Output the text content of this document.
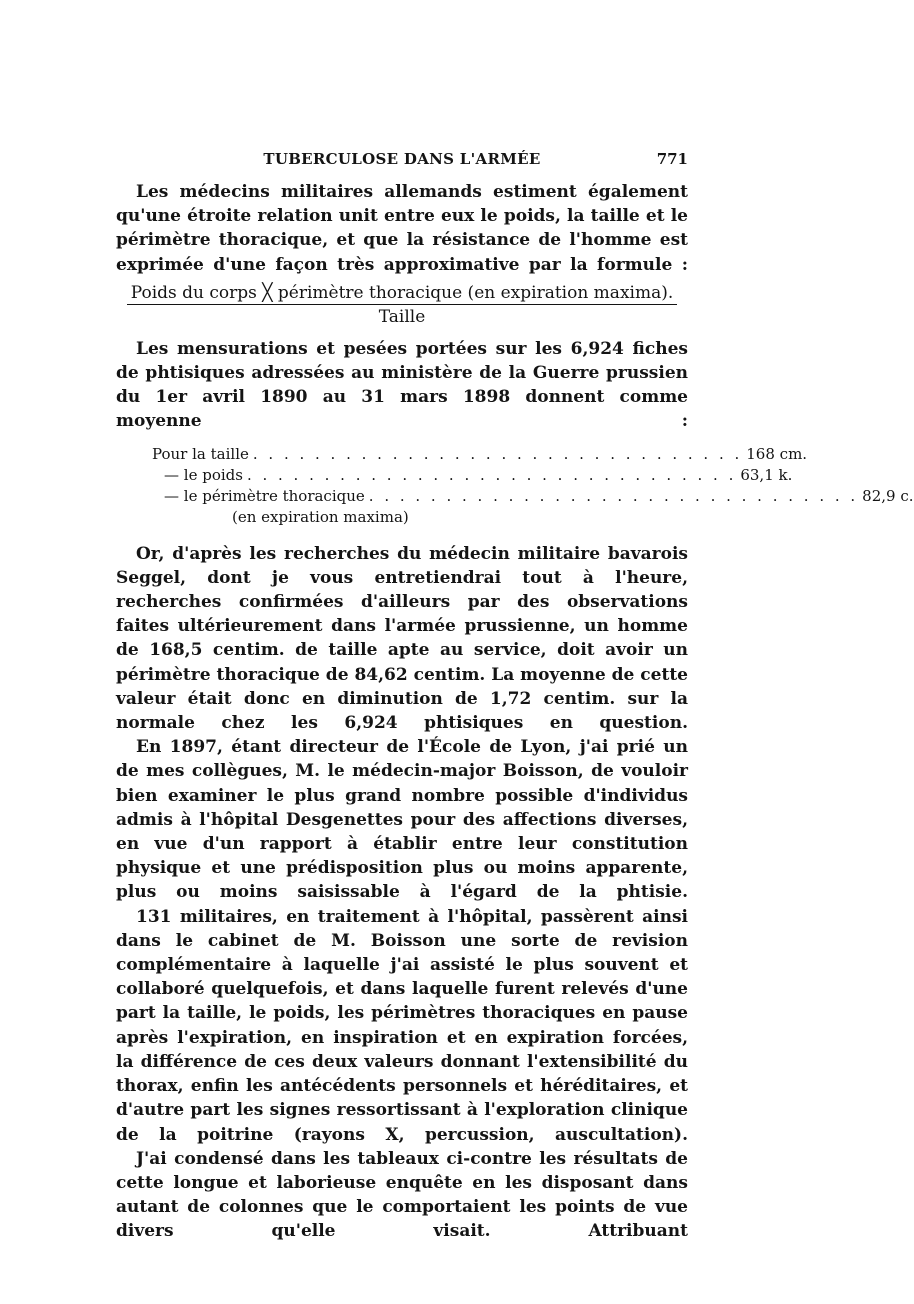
TUBERCULOSE DANS L'ARMÉE	771

Les médecins militaires allemands estiment également qu'une étroite relation unit entre eux le poids, la taille et le périmètre thoracique, et que la résistance de l'homme est exprimée d'une façon très approximative par la formule :

Poids du corps ╳ périmètre thoracique (en expiration maxima).
Taille

Les mensurations et pesées portées sur les 6,924 fiches de phtisiques adressées au ministère de la Guerre prussien du 1er avril 1890 au 31 mars 1898 donnent comme moyenne :

Pour la taille . . . . . . . . . . . . . . . . . . . . . . . . . . . . . . . . 168 cm.
— le poids . . . . . . . . . . . . . . . . . . . . . . . . . . . . . . . . 63,1 k.
— le périmètre thoracique . . . . . . . . . . . . . . . . . . . . . . . . . . . . . . . . 82,9 c.
(en expiration maxima)

Or, d'après les recherches du médecin militaire bavarois Seggel, dont je vous entretiendrai tout à l'heure, recherches confirmées d'ailleurs par des observations faites ultérieurement dans l'armée prussienne, un homme de 168,5 centim. de taille apte au service, doit avoir un périmètre thoracique de 84,62 centim. La moyenne de cette valeur était donc en diminution de 1,72 centim. sur la normale chez les 6,924 phtisiques en question.

En 1897, étant directeur de l'École de Lyon, j'ai prié un de mes collègues, M. le médecin-major Boisson, de vouloir bien examiner le plus grand nombre possible d'individus admis à l'hôpital Desgenettes pour des affections diverses, en vue d'un rapport à établir entre leur constitution physique et une prédisposition plus ou moins apparente, plus ou moins saisissable à l'égard de la phtisie.

131 militaires, en traitement à l'hôpital, passèrent ainsi dans le cabinet de M. Boisson une sorte de revision complémentaire à laquelle j'ai assisté le plus souvent et collaboré quelquefois, et dans laquelle furent relevés d'une part la taille, le poids, les périmètres thoraciques en pause après l'expiration, en inspiration et en expiration forcées, la différence de ces deux valeurs donnant l'extensibilité du thorax, enfin les antécédents personnels et héréditaires, et d'autre part les signes ressortissant à l'exploration clinique de la poitrine (rayons X, percussion, auscultation).

J'ai condensé dans les tableaux ci-contre les résultats de cette longue et laborieuse enquête en les disposant dans autant de colonnes que le comportaient les points de vue divers qu'elle visait. Attribuant
